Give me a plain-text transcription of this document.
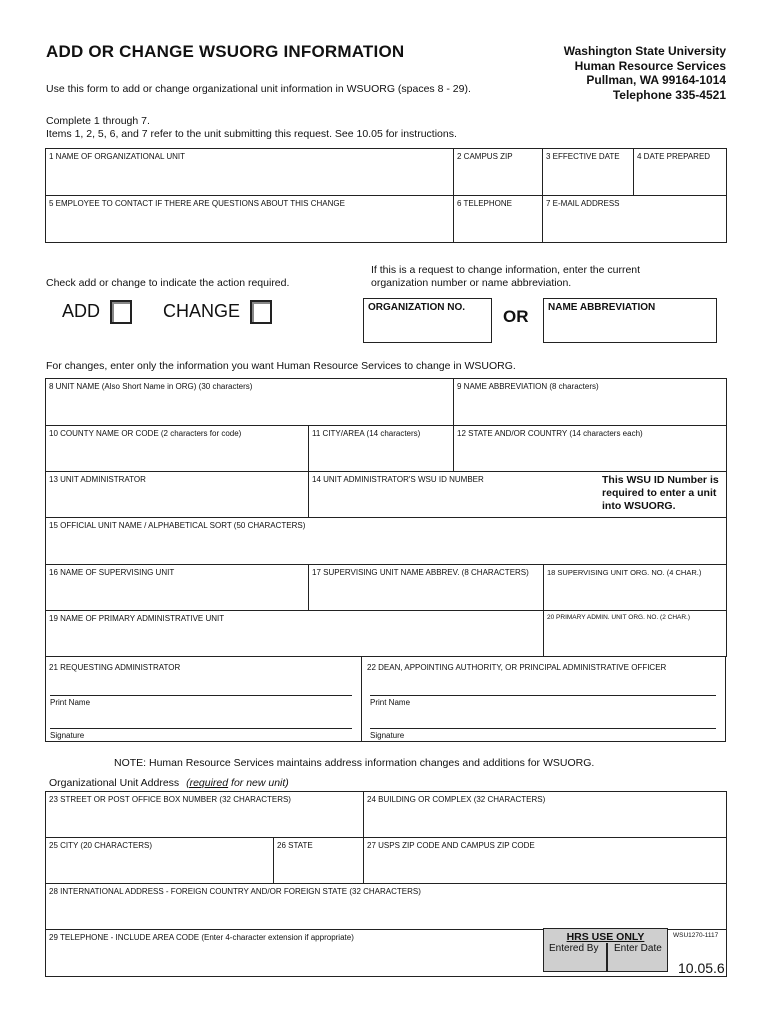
ADD OR CHANGE WSUORG INFORMATION	Washington State University
Human Resource Services
Pullman, WA 99164-1014
Telephone 335-4521
Use this form to add or change organizational unit information in WSUORG (spaces 8 - 29).
Complete 1 through 7.
Items 1, 2, 5, 6, and 7 refer to the unit submitting this request. See 10.05 for instructions.
1 NAME OF ORGANIZATIONAL UNIT	2 CAMPUS ZIP	3 EFFECTIVE DATE	4 DATE PREPARED
5 EMPLOYEE TO CONTACT IF THERE ARE QUESTIONS ABOUT THIS CHANGE	6 TELEPHONE	7 E-MAIL ADDRESS	
Check add or change to indicate the action required.
If this is a request to change information, enter the current
organization number or name abbreviation.
ADD	CHANGE	ORGANIZATION NO.	OR	NAME ABBREVIATION
For changes, enter only the information you want Human Resource Services to change in WSUORG.
8 UNIT NAME (Also Short Name in ORG) (30 characters)		9 NAME ABBREVIATION (8 characters)	
10 COUNTY NAME OR CODE (2 characters for code)	11 CITY/AREA (14 characters)	12 STATE AND/OR COUNTRY (14 characters each)	
13 UNIT ADMINISTRATOR	14 UNIT ADMINISTRATOR'S WSU ID NUMBER This WSU ID Number is required to enter a unit into WSUORG.		

15 OFFICIAL UNIT NAME / ALPHABETICAL SORT (50 CHARACTERS)			
16 NAME OF SUPERVISING UNIT	17 SUPERVISING UNIT NAME ABBREV. (8 CHARACTERS)		18 SUPERVISING UNIT ORG. NO. (4 CHAR.)
19 NAME OF PRIMARY ADMINISTRATIVE UNIT			20 PRIMARY ADMIN. UNIT ORG. NO. (2 CHAR.)
21 REQUESTING ADMINISTRATOR	22 DEAN, APPOINTING AUTHORITY, OR PRINCIPAL ADMINISTRATIVE OFFICER
Print Name
Signature
Print Name
Signature
NOTE: Human Resource Services maintains address information changes and additions for WSUORG.
Organizational Unit Address (required for new unit)
23 STREET OR POST OFFICE BOX NUMBER (32 CHARACTERS)		24 BUILDING OR COMPLEX (32 CHARACTERS)
25 CITY (20 CHARACTERS)	26 STATE	27 USPS ZIP CODE AND CAMPUS ZIP CODE
28 INTERNATIONAL ADDRESS - FOREIGN COUNTRY AND/OR FOREIGN STATE (32 CHARACTERS)		
29 TELEPHONE - INCLUDE AREA CODE (Enter 4-character extension if appropriate)			HRS USE ONLY
Entered By Enter Date
WSU1270-1117
10.05.6
